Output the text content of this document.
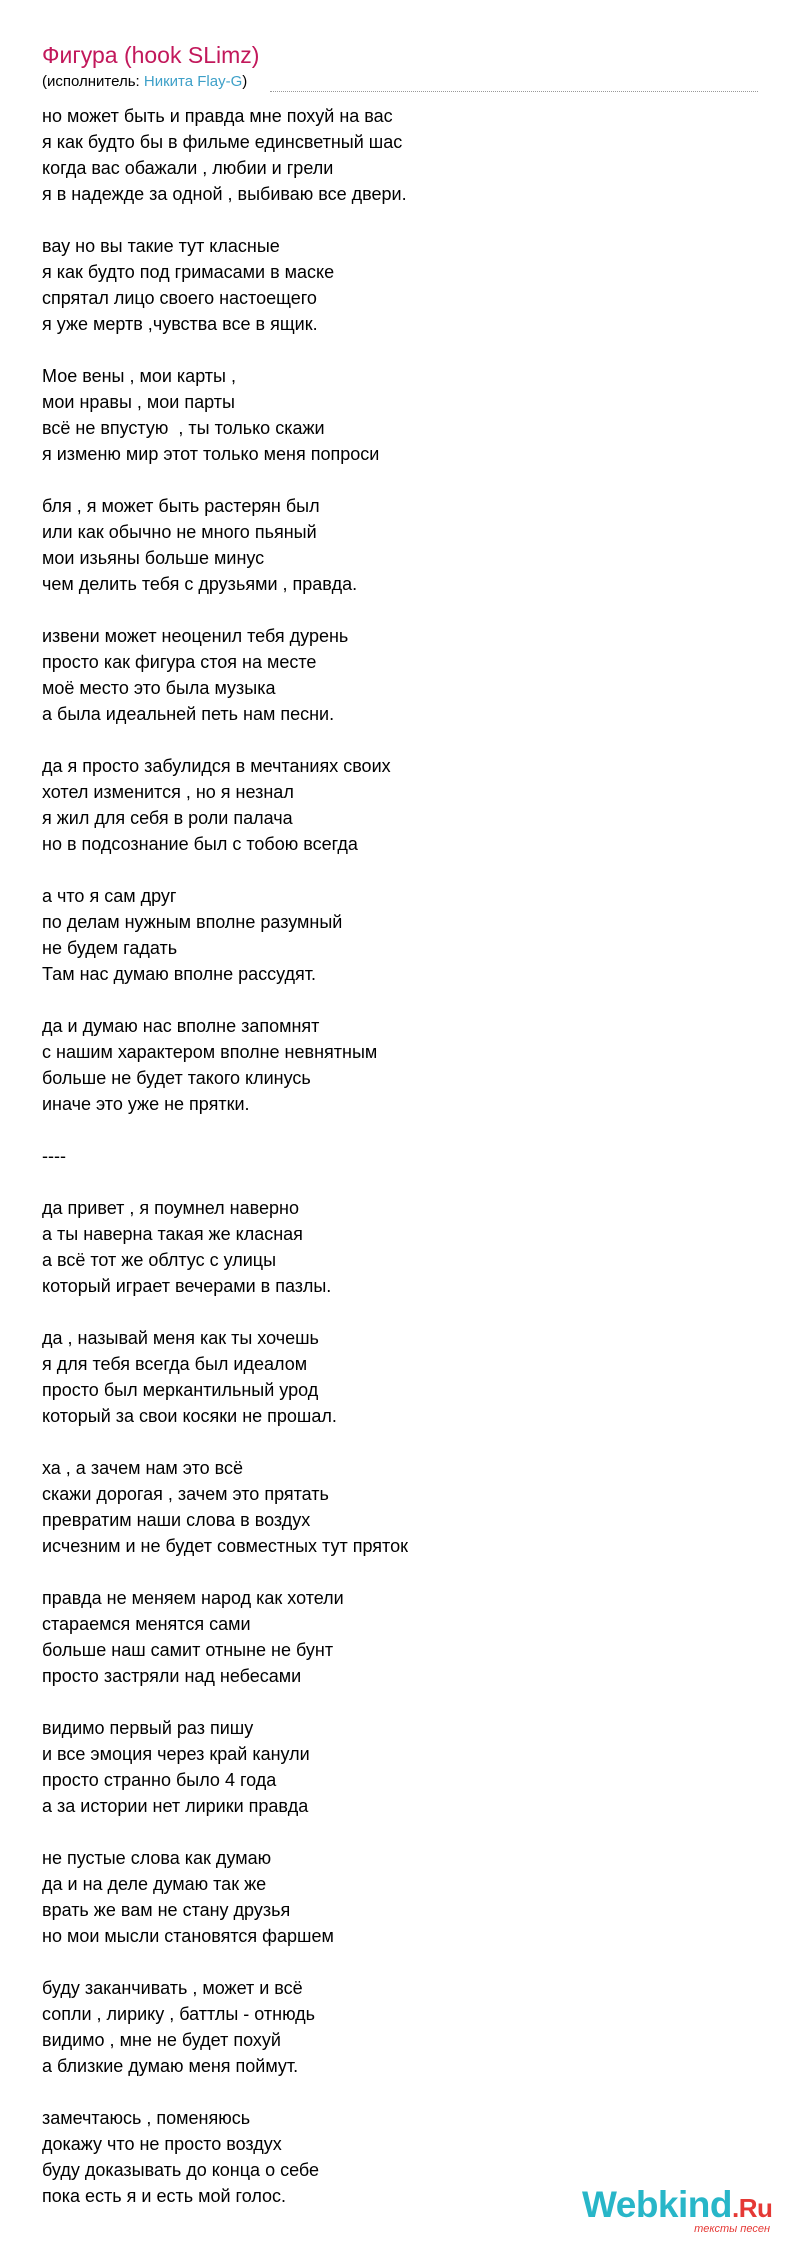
Фигура (hook SLimz)
(исполнитель: Никита Flay-G)
но может быть и правда мне похуй на вас
я как будто бы в фильме единсветный шас
когда вас обажали , любии и грели
я в надежде за одной , выбиваю все двери.
вау но вы такие тут класные
я как будто под гримасами в маске
спрятал лицо своего настоещего
я уже мертв ,чувства все в ящик.
Мое вены , мои карты ,
мои нравы , мои парты
всё не впустую  , ты только скажи
я изменю мир этот только меня попроси
бля , я может быть растерян был
или как обычно не много пьяный
мои изьяны больше минус
чем делить тебя с друзьями , правда.
извени может неоценил тебя дурень
просто как фигура стоя на месте
моё место это была музыка
а была идеальней петь нам песни.
да я просто забулидся в мечтаниях своих
хотел изменится , но я незнал
я жил для себя в роли палача
но в подсознание был с тобою всегда
а что я сам друг
по делам нужным вполне разумный
не будем гадать
Там нас думаю вполне рассудят.
да и думаю нас вполне запомнят
с нашим характером вполне невнятным
больше не будет такого клинусь
иначе это уже не прятки.
----
да привет , я поумнел наверно
а ты наверна такая же класная
а всё тот же облтус с улицы
который играет вечерами в пазлы.
да , называй меня как ты хочешь
я для тебя всегда был идеалом
просто был меркантильный урод
который за свои косяки не прошал.
ха , а зачем нам это всё
скажи дорогая , зачем это прятать
превратим наши слова в воздух
исчезним и не будет совместных тут пряток
правда не меняем народ как хотели
стараемся менятся сами
больше наш самит отныне не бунт
просто застряли над небесами
видимо первый раз пишу
и все эмоция через край канули
просто странно было 4 года
а за истории нет лирики правда
не пустые слова как думаю
да и на деле думаю так же
врать же вам не стану друзья
но мои мысли становятся фаршем
буду заканчивать , может и всё
сопли , лирику , баттлы - отнюдь
видимо , мне не будет похуй
а близкие думаю меня поймут.
замечтаюсь , поменяюсь
докажу что не просто воздух
буду доказывать до конца о себе
пока есть я и есть мой голос.	Webkind.Ru
тексты песен
